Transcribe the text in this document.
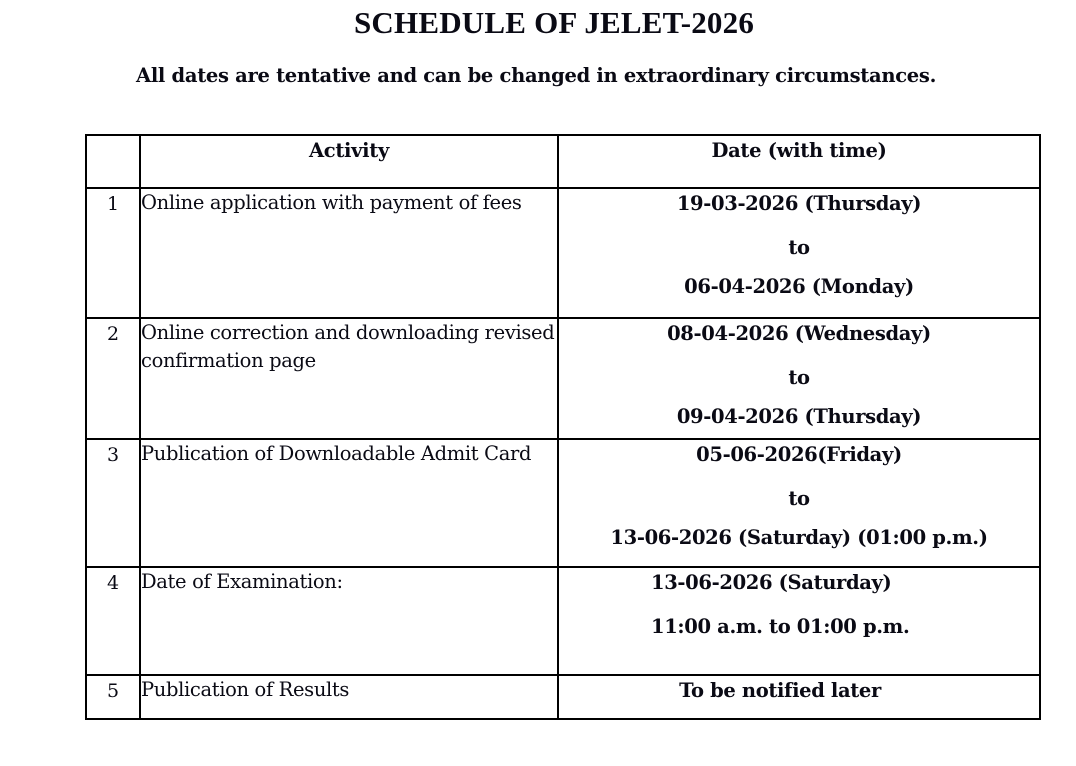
SCHEDULE OF JELET-2026
All dates are tentative and can be changed in extraordinary circumstances.
	Activity	Date (with time)
1	Online application with payment of fees	19-03-2026 (Thursday)
to
06-04-2026 (Monday)

2	Online correction and downloading revised confirmation page	08-04-2026 (Wednesday)
to
09-04-2026 (Thursday)

3	Publication of Downloadable Admit Card	05-06-2026(Friday)
to
13-06-2026 (Saturday) (01:00 p.m.)

4	Date of Examination:	13-06-2026 (Saturday)
11:00 a.m. to 01:00 p.m.

5	Publication of Results	To be notified later
